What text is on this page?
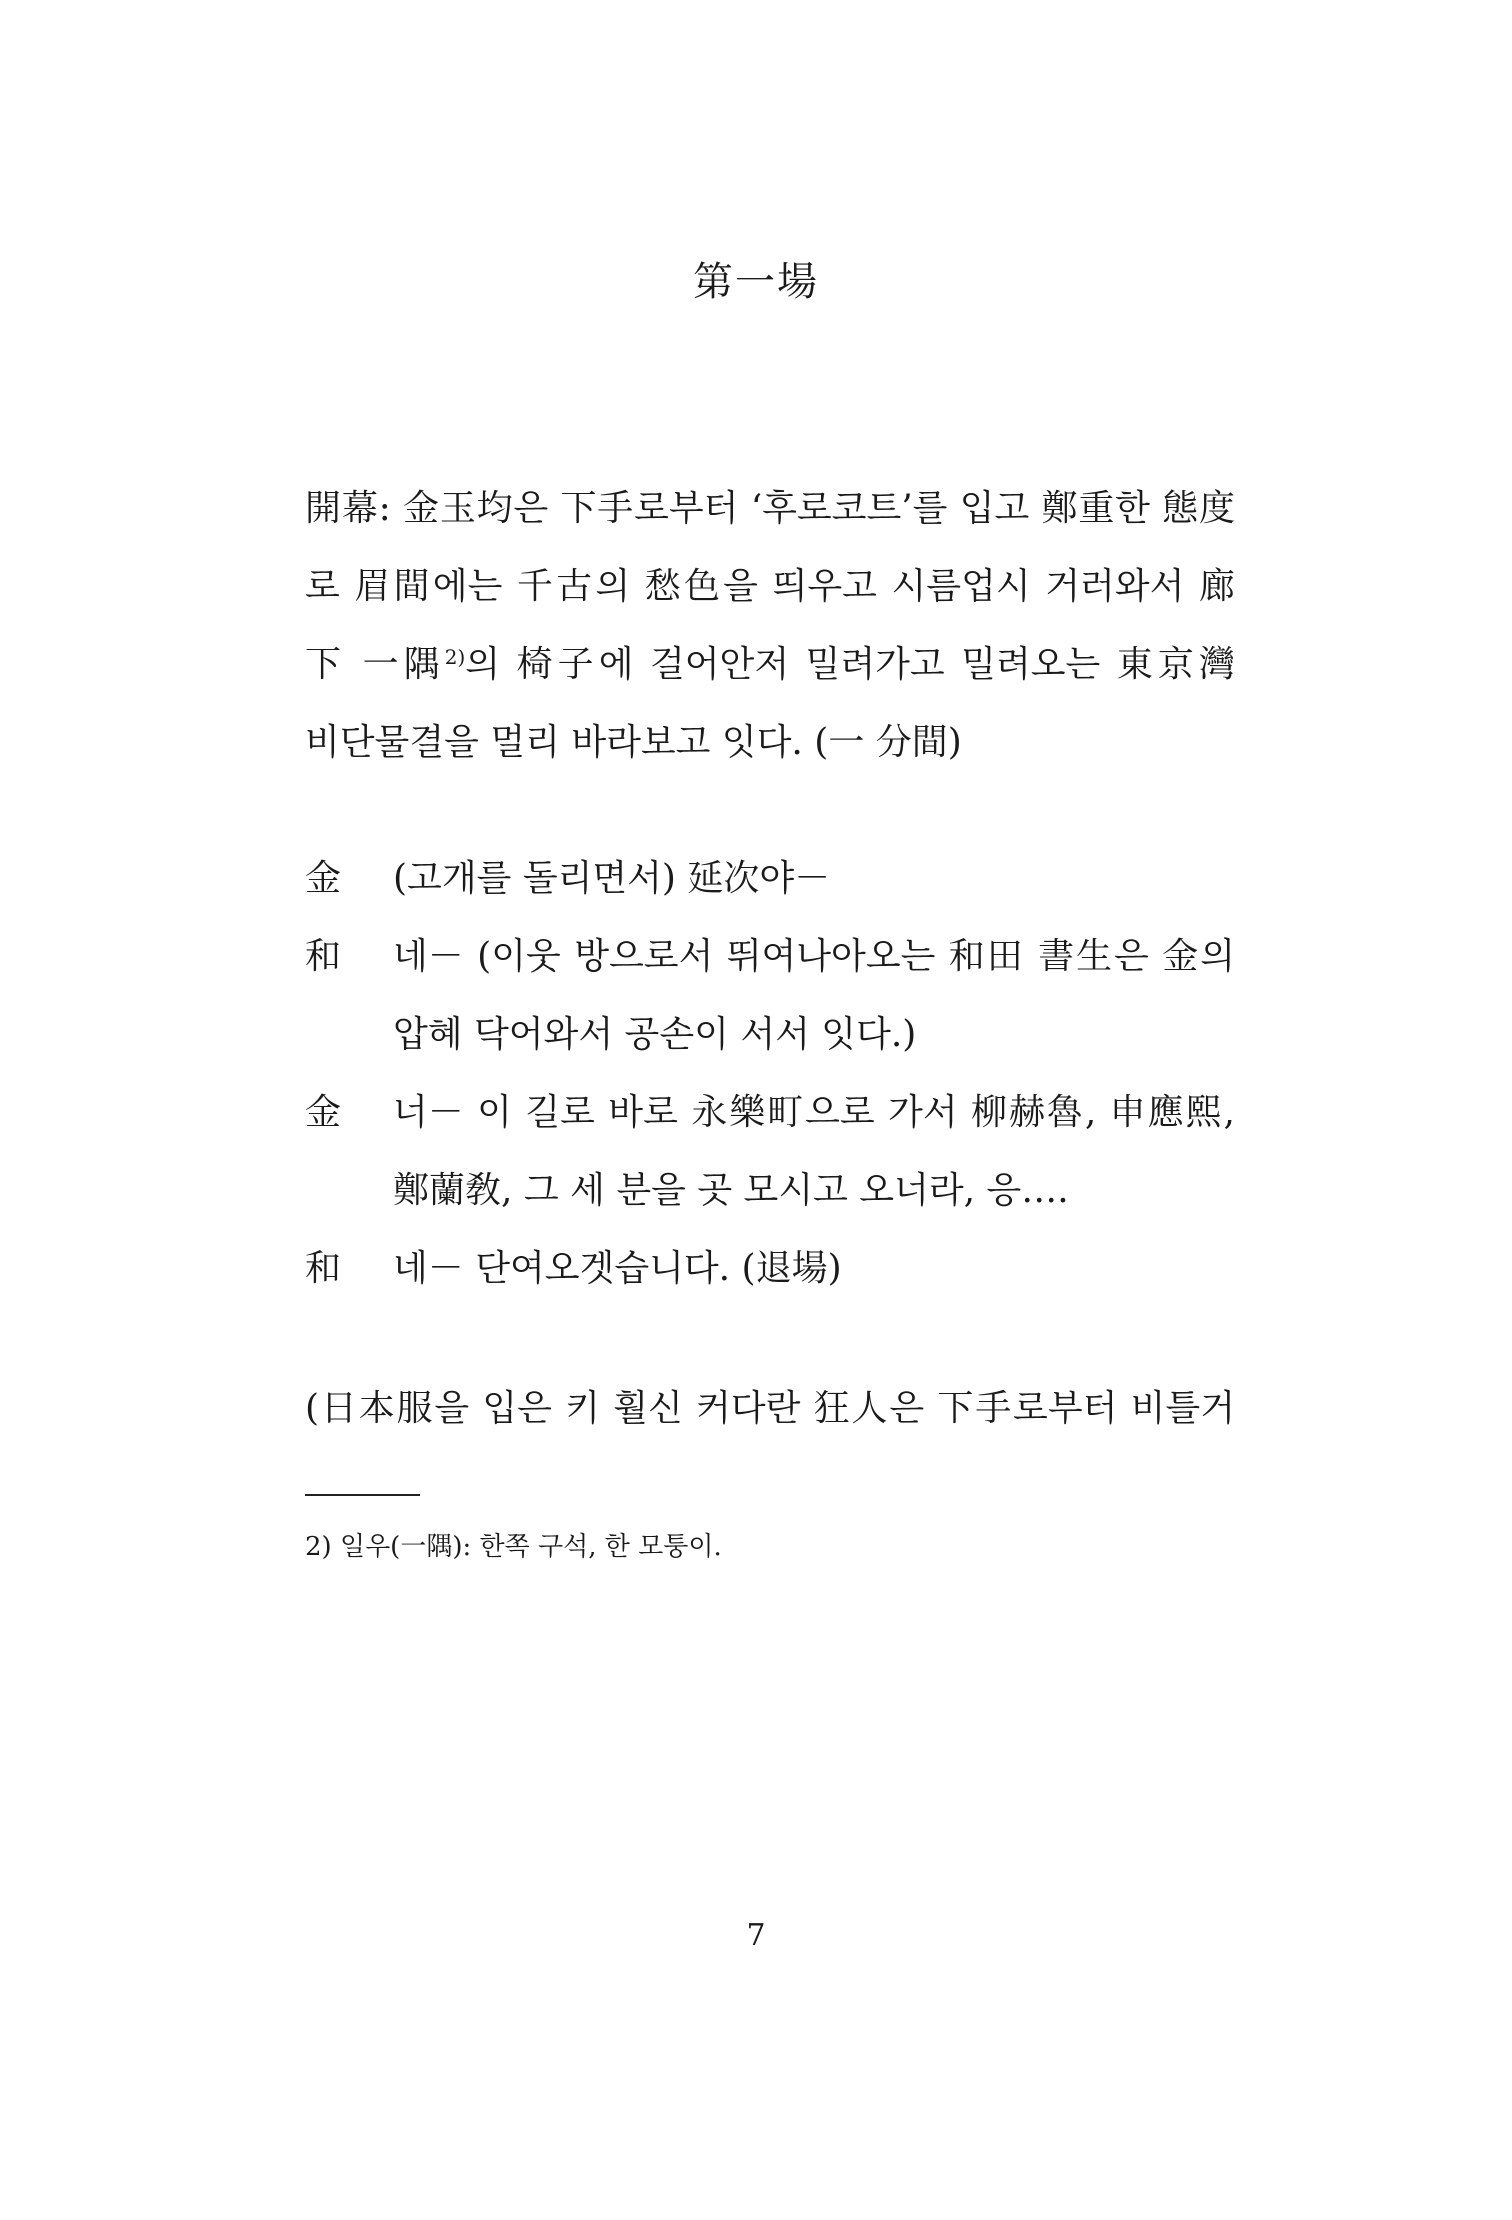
第一場
開幕: 金玉均은 下手로부터 ‘후로코트’를 입고 鄭重한 態度
로 眉間에는 千古의 愁色을 띄우고 시름업시 거러와서 廊
下 一隅$^{2)}$의 椅子에 걸어안저 밀려가고 밀려오는 東京灣
비단물결을 멀리 바라보고 잇다. (一 分間)
金	(고개를 돌리면서) 延次야－
和	네－ (이웃 방으로서 뛰여나아오는 和田 書生은 金의
압혜 닥어와서 공손이 서서 잇다.)
金	너－ 이 길로 바로 永樂町으로 가서 柳赫魯, 申應熙,
鄭蘭敎, 그 세 분을 곳 모시고 오너라, 응….
和	네－ 단여오겟습니다. (退場)
(日本服을 입은 키 훨신 커다란 狂人은 下手로부터 비틀거
2) 일우(一隅): 한쪽 구석, 한 모퉁이.
7
